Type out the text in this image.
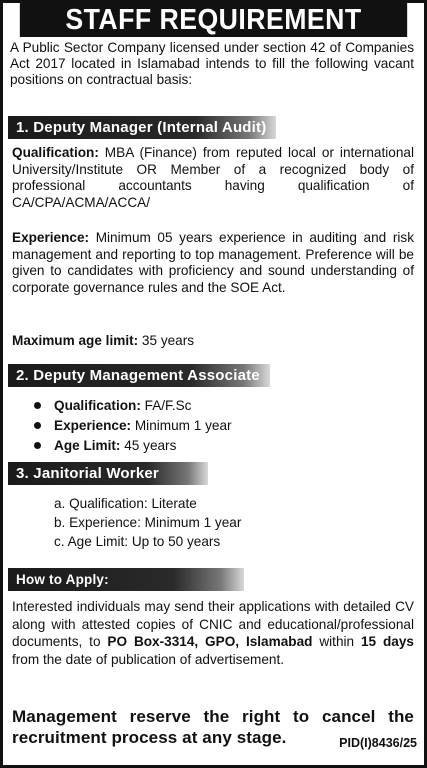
STAFF REQUIREMENT

A Public Sector Company licensed under section 42 of Companies Act 2017 located in Islamabad intends to fill the following vacant positions on contractual basis:

1. Deputy Manager (Internal Audit)

Qualification: MBA (Finance) from reputed local or international University/Institute OR Member of a recognized body of professional accountants having qualification of CA/CPA/ACMA/ACCA/

Experience: Minimum 05 years experience in auditing and risk management and reporting to top management. Preference will be given to candidates with proficiency and sound understanding of corporate governance rules and the SOE Act.

Maximum age limit: 35 years

2. Deputy Management Associate
Qualification: FA/F.Sc
Experience: Minimum 1 year
Age Limit: 45 years
3. Janitorial Worker
a. Qualification: Literate
b. Experience: Minimum 1 year
c. Age Limit: Up to 50 years
How to Apply:

Interested individuals may send their applications with detailed CV along with attested copies of CNIC and educational/professional documents, to PO Box-3314, GPO, Islamabad within 15 days from the date of publication of advertisement.

Management reserve the right to cancel the recruitment process at any stage.	PID(I)8436/25
